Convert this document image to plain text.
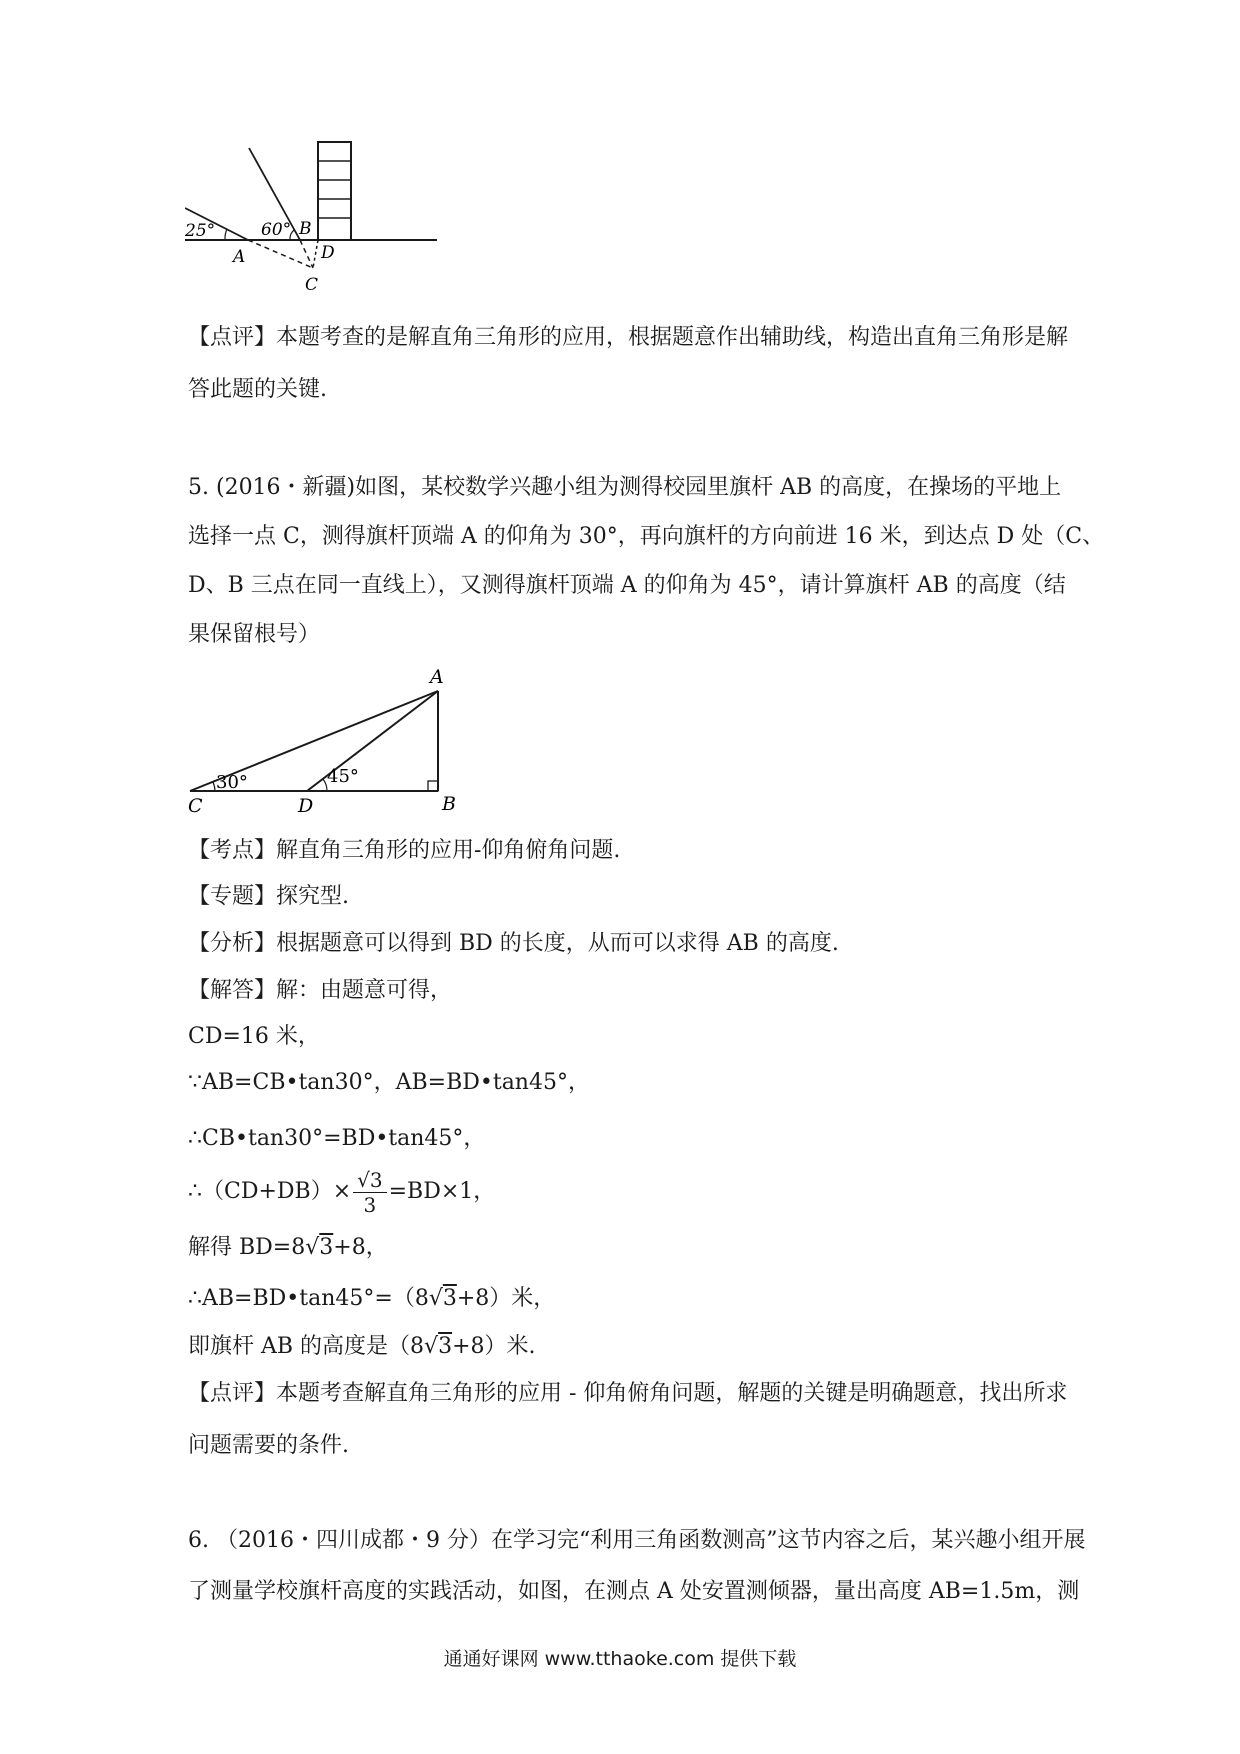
25°	60°
A
B
D
C
【点评】本题考查的是解直角三角形的应用，根据题意作出辅助线，构造出直角三角形是解
答此题的关键.
5. (2016・新疆)如图，某校数学兴趣小组为测得校园里旗杆 AB 的高度，在操场的平地上
选择一点 C，测得旗杆顶端 A 的仰角为 30°，再向旗杆的方向前进 16 米，到达点 D 处（C、
D、B 三点在同一直线上），又测得旗杆顶端 A 的仰角为 45°，请计算旗杆 AB 的高度（结
果保留根号）
A
B
C	D
30°	45°
【考点】解直角三角形的应用-仰角俯角问题.
【专题】探究型.
【分析】根据题意可以得到 BD 的长度，从而可以求得 AB 的高度.
【解答】解：由题意可得，
CD=16 米，
∵AB=CB•tan30°，AB=BD•tan45°，
∴CB•tan30°=BD•tan45°，
∴（CD+DB）× $\frac{√3}{3} =BD\times 1$，
解得 BD=8√3+8，
∴AB=BD•tan45°=（8√3+8）米，
即旗杆 AB 的高度是（8√3+8）米.
【点评】本题考查解直角三角形的应用 - 仰角俯角问题，解题的关键是明确题意，找出所求
问题需要的条件.
6. （2016・四川成都・9 分）在学习完“利用三角函数测高”这节内容之后，某兴趣小组开展
了测量学校旗杆高度的实践活动，如图，在测点 A 处安置测倾器，量出高度 AB=1.5m，测
通通好课网 www.tthaoke.com 提供下载
